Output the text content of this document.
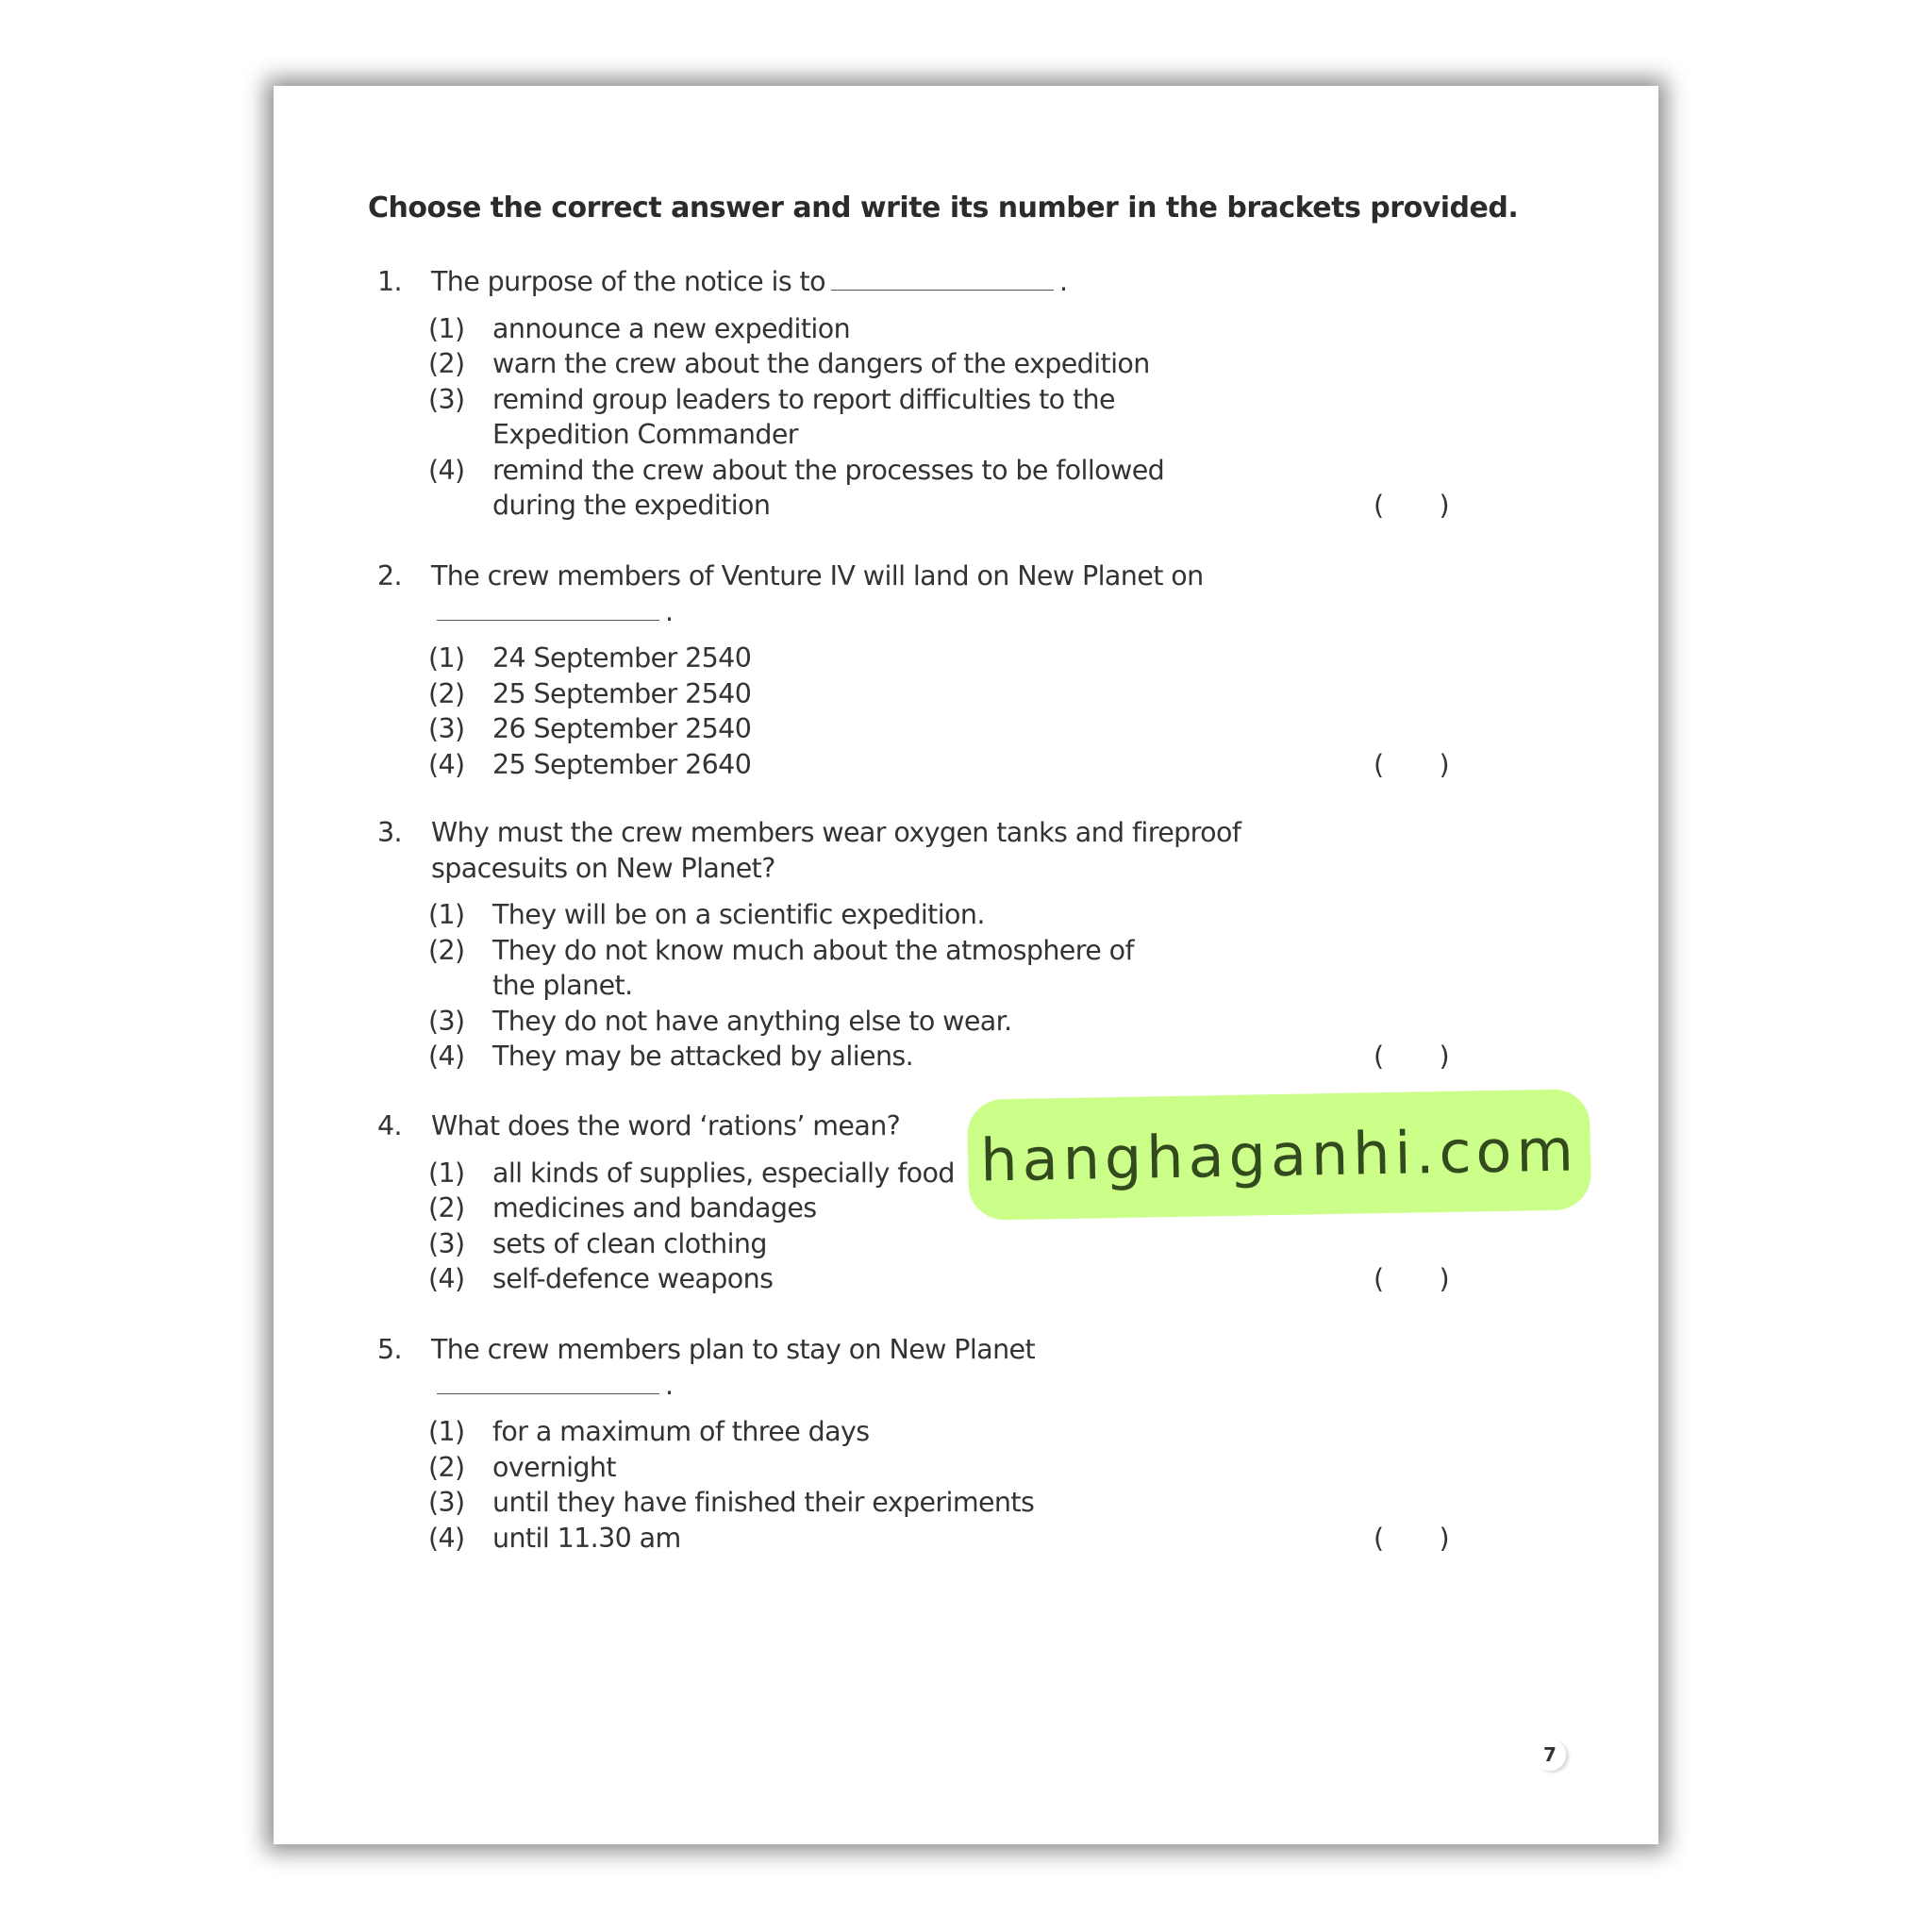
Choose the correct answer and write its number in the brackets provided.
1.	The purpose of the notice is to	.
(1)	announce a new expedition
(2)	warn the crew about the dangers of the expedition
(3)	remind group leaders to report difficulties to the Expedition Commander
(4)	remind the crew about the processes to be followed during the expedition	( )
2.	The crew members of Venture IV will land on New Planet on.
(1)	24 September 2540
(2)	25 September 2540
(3)	26 September 2540
(4)	25 September 2640	( )
3.	Why must the crew members wear oxygen tanks and fireproof spacesuits on New Planet?
(1)	They will be on a scientific expedition.
(2)	They do not know much about the atmosphere of the planet.
(3)	They do not have anything else to wear.
(4)	They may be attacked by aliens.	( )
4.	What does the word ‘rations’ mean?
(1)	all kinds of supplies, especially food
(2)	medicines and bandages
(3)	sets of clean clothing
(4)	self-defence weapons	( )
5.	The crew members plan to stay on New Planet.
(1)	for a maximum of three days
(2)	overnight
(3)	until they have finished their experiments
(4)	until 11.30 am	( )
7
hanghaganhi.com
